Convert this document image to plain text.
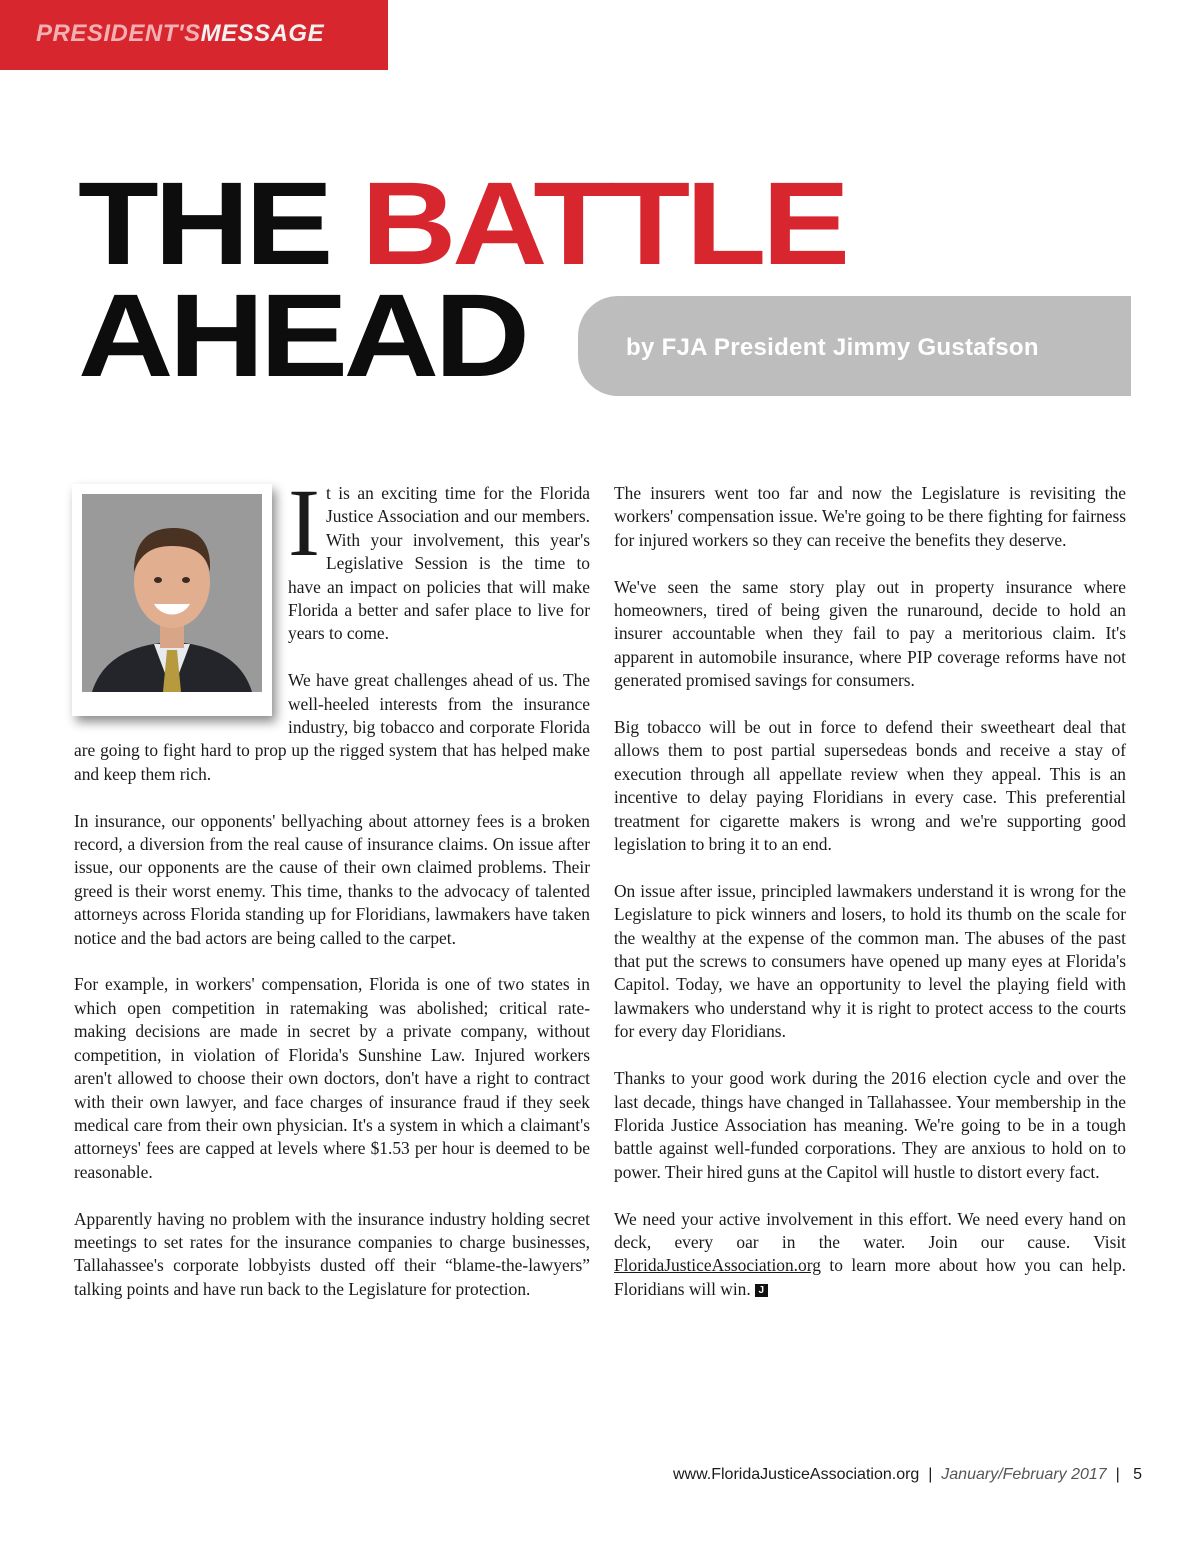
PRESIDENT'SMESSAGE
THE BATTLE
AHEAD	by FJA President Jimmy Gustafson

It is an exciting time for the Florida Justice Association and our members. With your involvement, this year's Legislative Session is the time to have an impact on policies that will make Florida a better and safer place to live for years to come.

We have great challenges ahead of us. The well-heeled interests from the insurance industry, big tobacco and corporate Florida are going to fight hard to prop up the rigged system that has helped make and keep them rich.

In insurance, our opponents' bellyaching about attorney fees is a broken record, a diversion from the real cause of insurance claims. On issue after issue, our opponents are the cause of their own claimed problems. Their greed is their worst enemy. This time, thanks to the advocacy of talented attorneys across Florida standing up for Floridians, lawmakers have taken notice and the bad actors are being called to the carpet.

For example, in workers' compensation, Florida is one of two states in which open competition in ratemaking was abolished; critical rate-making decisions are made in secret by a private company, without competition, in violation of Florida's Sunshine Law. Injured workers aren't allowed to choose their own doctors, don't have a right to contract with their own lawyer, and face charges of insurance fraud if they seek medical care from their own physician. It's a system in which a claimant's attorneys' fees are capped at levels where $1.53 per hour is deemed to be reasonable.

Apparently having no problem with the insurance industry holding secret meetings to set rates for the insurance companies to charge businesses, Tallahassee's corporate lobbyists dusted off their “blame-the-lawyers” talking points and have run back to the Legislature for protection.

The insurers went too far and now the Legislature is revisiting the workers' compensation issue. We're going to be there fighting for fairness for injured workers so they can receive the benefits they deserve.

We've seen the same story play out in property insurance where homeowners, tired of being given the runaround, decide to hold an insurer accountable when they fail to pay a meritorious claim. It's apparent in automobile insurance, where PIP coverage reforms have not generated promised savings for consumers.

Big tobacco will be out in force to defend their sweetheart deal that allows them to post partial supersedeas bonds and receive a stay of execution through all appellate review when they appeal. This is an incentive to delay paying Floridians in every case. This preferential treatment for cigarette makers is wrong and we're supporting good legislation to bring it to an end.

On issue after issue, principled lawmakers understand it is wrong for the Legislature to pick winners and losers, to hold its thumb on the scale for the wealthy at the expense of the common man. The abuses of the past that put the screws to consumers have opened up many eyes at Florida's Capitol. Today, we have an opportunity to level the playing field with lawmakers who understand why it is right to protect access to the courts for every day Floridians.

Thanks to your good work during the 2016 election cycle and over the last decade, things have changed in Tallahassee. Your membership in the Florida Justice Association has meaning. We're going to be in a tough battle against well-funded corporations. They are anxious to hold on to power. Their hired guns at the Capitol will hustle to distort every fact.

We need your active involvement in this effort. We need every hand on deck, every oar in the water. Join our cause. Visit FloridaJusticeAssociation.org to learn more about how you can help. Floridians will win. J

www.FloridaJusticeAssociation.org  |  January/February 2017  |   5
